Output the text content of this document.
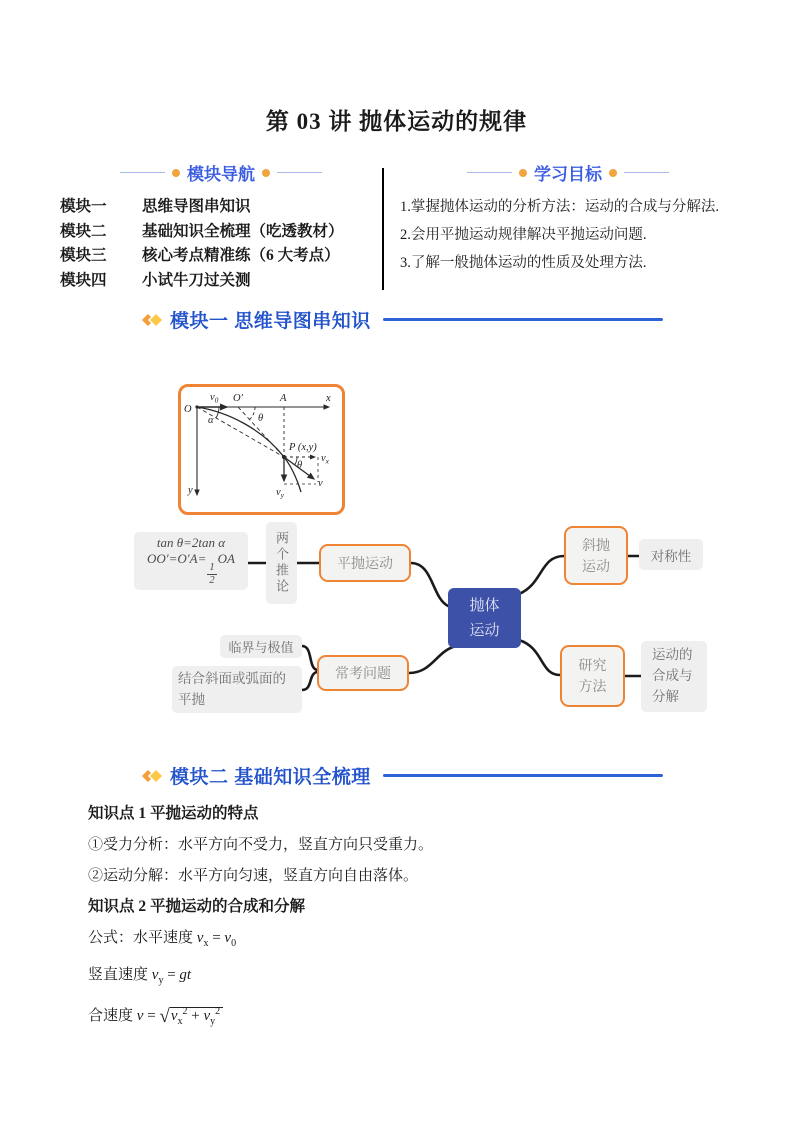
第 03 讲 抛体运动的规律
模块导航
模块一	思维导图串知识
模块二	基础知识全梳理（吃透教材）
模块三	核心考点精准练（6 大考点）
模块四	小试牛刀过关测
学习目标

1.掌握抛体运动的分析方法：运动的合成与分解法.

2.会用平抛运动规律解决平抛运动问题.

3.了解一般抛体运动的性质及处理方法.

模块一 思维导图串知识
O
x
y
$v_0$ O′	A
α	θ
P (x,y)
$v_x$
$v_y$
v
θ
tan θ=2tan α
OO′=O′A=
$\frac{1}{2}$
OA	两个推论	平抛运动
抛体运动
斜抛运动
对称性
临界与极值
结合斜面或弧面的平抛
常考问题	研究方法
运动的合成与分解
模块二 基础知识全梳理

知识点 1 平抛运动的特点

①受力分析：水平方向不受力，竖直方向只受重力。

②运动分解：水平方向匀速，竖直方向自由落体。

知识点 2 平抛运动的合成和分解

公式：水平速度 $v_x = v_0$

竖直速度 $v_y$ = gt

合速度 $v = √v_x^2 + v_y^2$
